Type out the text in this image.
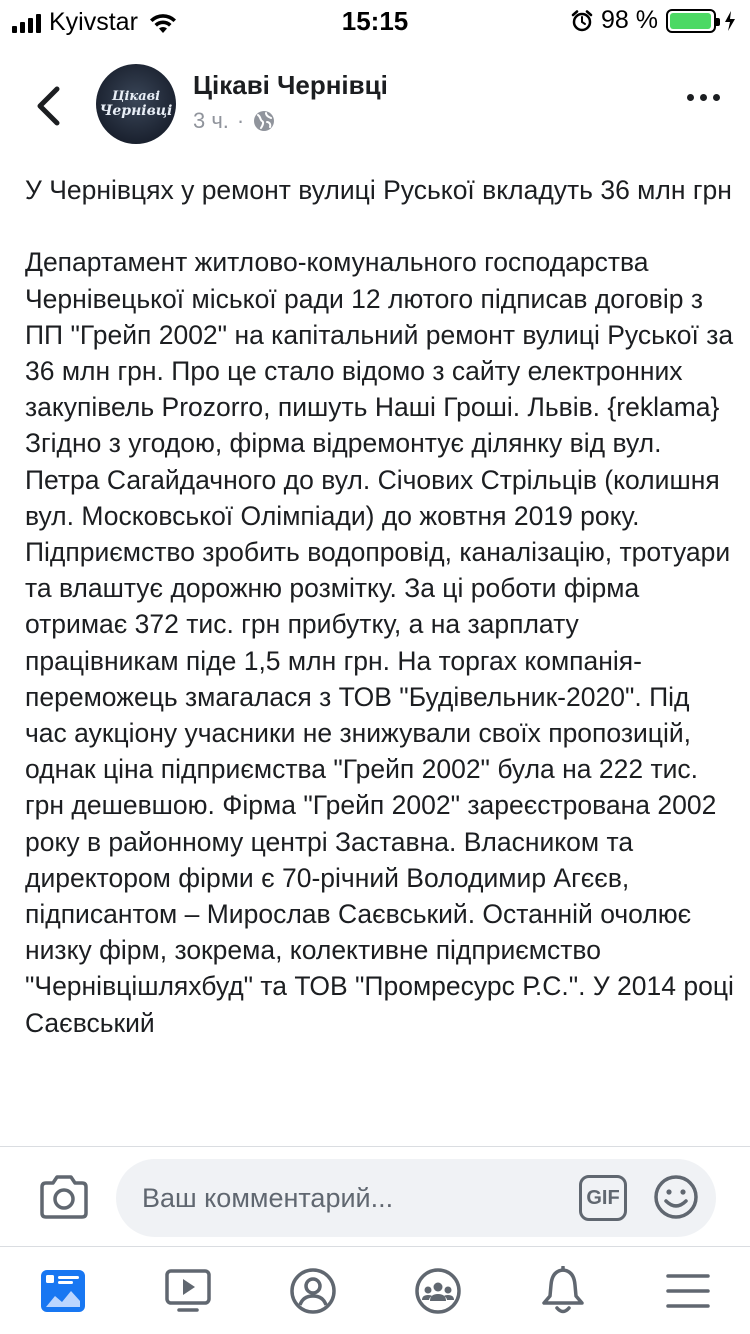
Kyivstar	15:15	98 %
Цікаві
Чернівці
Цікаві Чернівці
3 ч. ·

У Чернівцях у ремонт вулиці Руської вкладуть 36 млн грн

Департамент житлово-комунального господарства Чернівецької міської ради 12 лютого підписав договір з ПП "Грейп 2002" на капітальний ремонт вулиці Руської за 36 млн грн. Про це стало відомо з сайту електронних закупівель Prozorro, пишуть Наші Гроші. Львів. {reklama} Згідно з угодою, фірма відремонтує ділянку від вул. Петра Сагайдачного до вул. Січових Стрільців (колишня вул. Московської Олімпіади) до жовтня 2019 року. Підприємство зробить водопровід, каналізацію, тротуари та влаштує дорожню розмітку. За ці роботи фірма отримає 372 тис. грн прибутку, а на зарплату працівникам піде 1,5 млн грн. На торгах компанія-переможець змагалася з ТОВ "Будівельник-2020". Під час аукціону учасники не знижували своїх пропозицій, однак ціна підприємства "Грейп 2002" була на 222 тис. грн дешевшою. Фірма "Грейп 2002" зареєстрована 2002 року в районному центрі Заставна. Власником та директором фірми є 70-річний Володимир Агєєв, підписантом – Мирослав Саєвський. Останній очолює низку фірм, зокрема, колективне підприємство "Чернівцішляхбуд" та ТОВ "Промресурс Р.С.". У 2014 році Саєвський

Ваш комментарий...
GIF
